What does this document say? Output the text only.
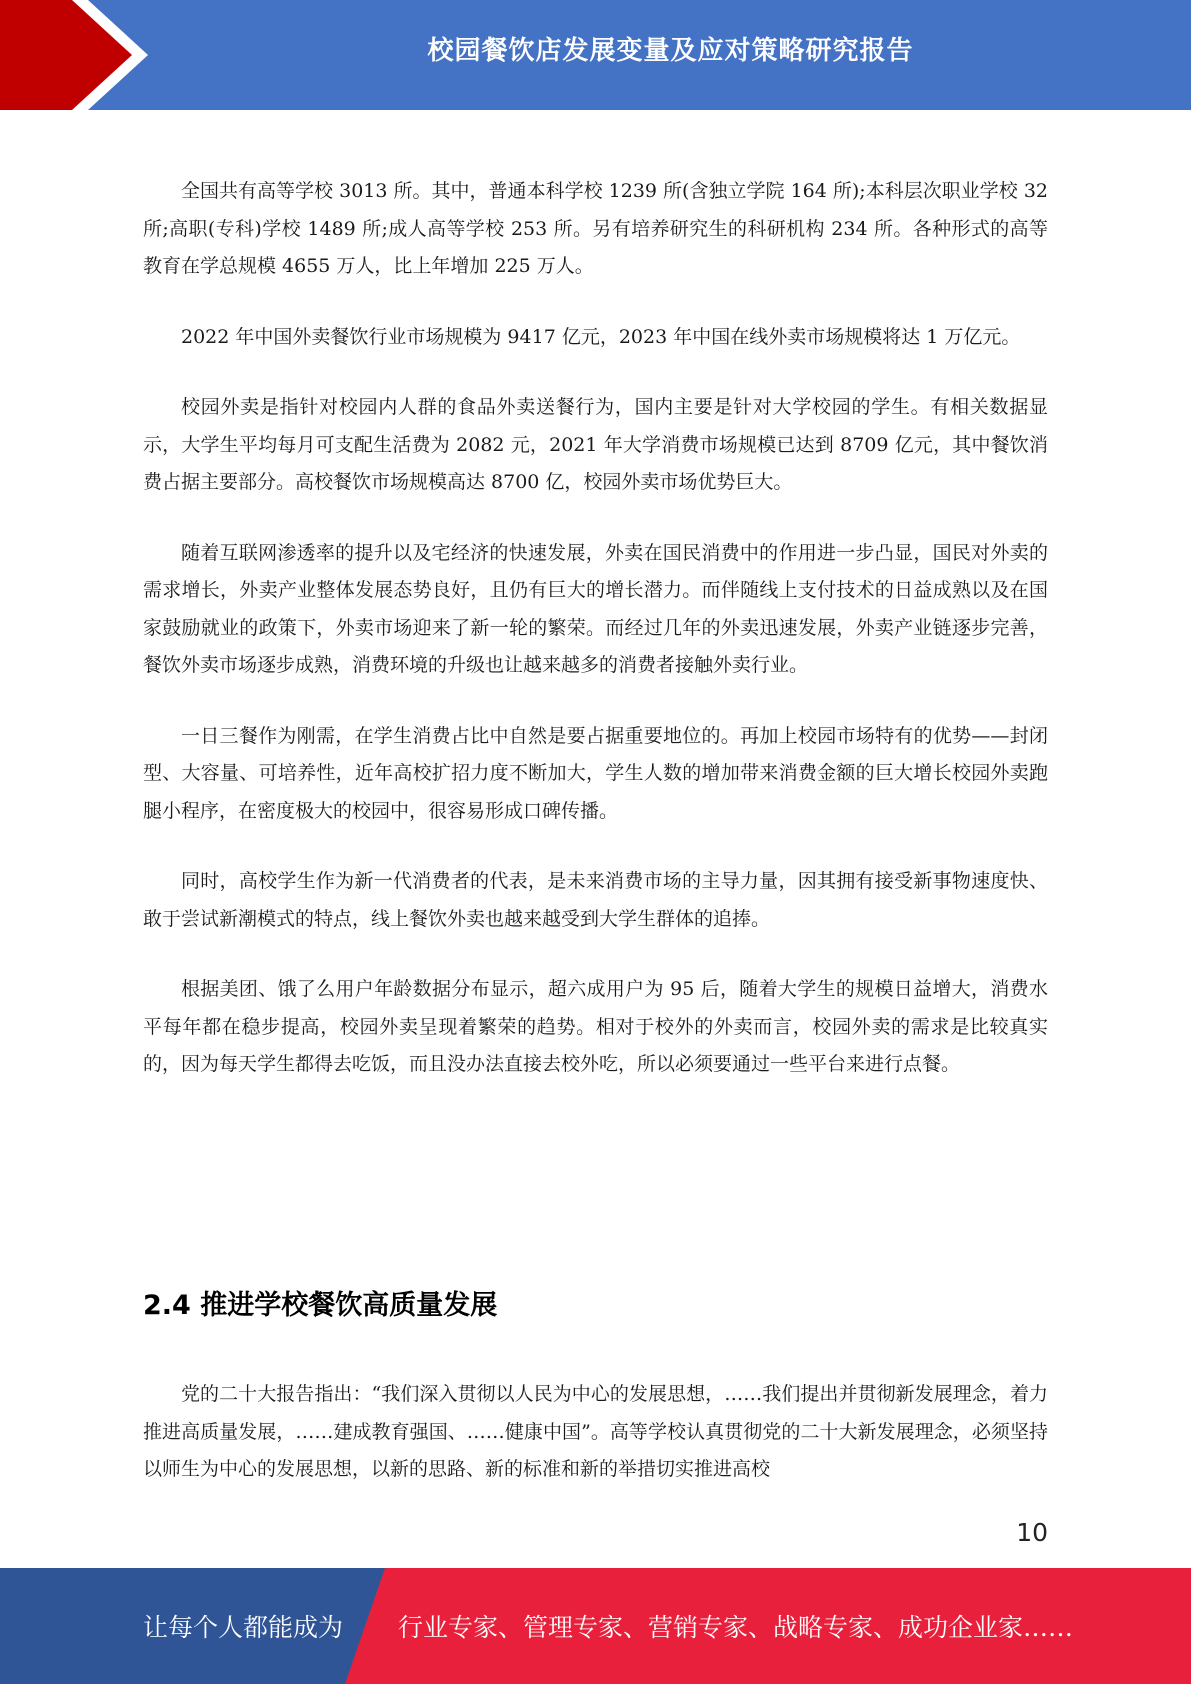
校园餐饮店发展变量及应对策略研究报告

全国共有高等学校 3013 所。其中，普通本科学校 1239 所(含独立学院 164 所);本科层次职业学校 32 所;高职(专科)学校 1489 所;成人高等学校 253 所。另有培养研究生的科研机构 234 所。各种形式的高等教育在学总规模 4655 万人，比上年增加 225 万人。

2022 年中国外卖餐饮行业市场规模为 9417 亿元，2023 年中国在线外卖市场规模将达 1 万亿元。

校园外卖是指针对校园内人群的食品外卖送餐行为，国内主要是针对大学校园的学生。有相关数据显示，大学生平均每月可支配生活费为 2082 元，2021 年大学消费市场规模已达到 8709 亿元，其中餐饮消费占据主要部分。高校餐饮市场规模高达 8700 亿，校园外卖市场优势巨大。

随着互联网渗透率的提升以及宅经济的快速发展，外卖在国民消费中的作用进一步凸显，国民对外卖的需求增长，外卖产业整体发展态势良好，且仍有巨大的增长潜力。而伴随线上支付技术的日益成熟以及在国家鼓励就业的政策下，外卖市场迎来了新一轮的繁荣。而经过几年的外卖迅速发展，外卖产业链逐步完善，餐饮外卖市场逐步成熟，消费环境的升级也让越来越多的消费者接触外卖行业。

一日三餐作为刚需，在学生消费占比中自然是要占据重要地位的。再加上校园市场特有的优势——封闭型、大容量、可培养性，近年高校扩招力度不断加大，学生人数的增加带来消费金额的巨大增长校园外卖跑腿小程序，在密度极大的校园中，很容易形成口碑传播。

同时，高校学生作为新一代消费者的代表，是未来消费市场的主导力量，因其拥有接受新事物速度快、敢于尝试新潮模式的特点，线上餐饮外卖也越来越受到大学生群体的追捧。

根据美团、饿了么用户年龄数据分布显示，超六成用户为 95 后，随着大学生的规模日益增大，消费水平每年都在稳步提高，校园外卖呈现着繁荣的趋势。相对于校外的外卖而言，校园外卖的需求是比较真实的，因为每天学生都得去吃饭，而且没办法直接去校外吃，所以必须要通过一些平台来进行点餐。

2.4 推进学校餐饮高质量发展

党的二十大报告指出：“我们深入贯彻以人民为中心的发展思想，……我们提出并贯彻新发展理念，着力推进高质量发展，……建成教育强国、……健康中国”。高等学校认真贯彻党的二十大新发展理念，必须坚持以师生为中心的发展思想，以新的思路、新的标准和新的举措切实推进高校

10
让每个人都能成为 行业专家、管理专家、营销专家、战略专家、成功企业家……
